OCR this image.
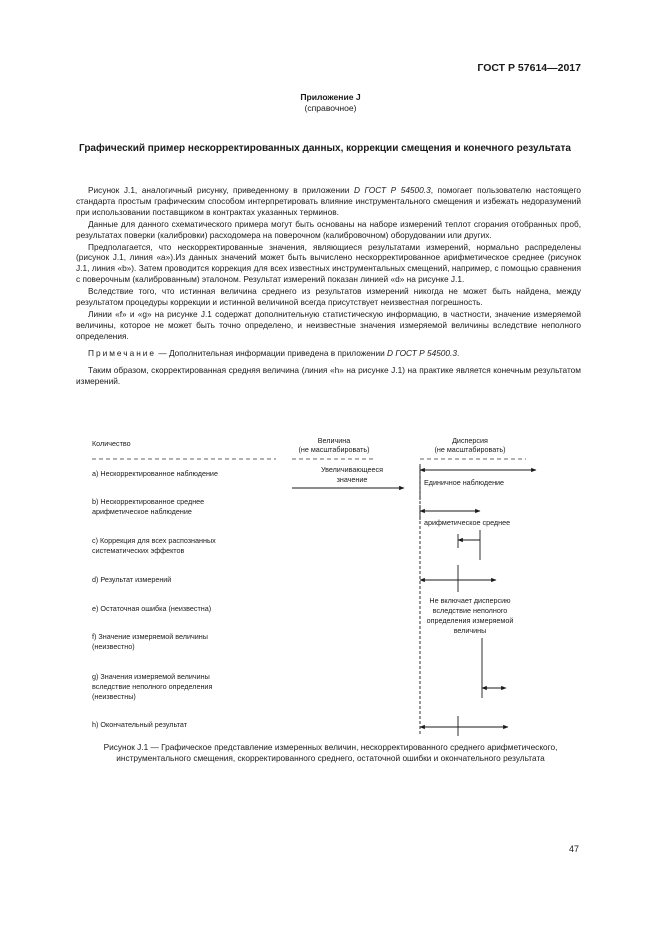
ГОСТ Р 57614—2017
Приложение J
(справочное)
Графический пример нескорректированных данных, коррекции смещения и конечного результата

Рисунок J.1, аналогичный рисунку, приведенному в приложении D ГОСТ Р 54500.3, помогает пользователю настоящего стандарта простым графическим способом интерпретировать влияние инструментального смещения и избежать недоразумений при использовании поставщиком в контрактах указанных терминов.

Данные для данного схематического примера могут быть основаны на наборе измерений теплот сгорания отобранных проб, результатах поверки (калибровки) расходомера на поверочном (калибровочном) оборудовании или других.

Предполагается, что нескорректированные значения, являющиеся результатами измерений, нормально распределены (рисунок J.1, линия «а»).Из данных значений может быть вычислено нескорректированное арифметическое среднее (рисунок J.1, линия «b»). Затем проводится коррекция для всех известных инструментальных смещений, например, с помощью сравнения с поверочным (калиброванным) эталоном. Результат измерений показан линией «d» на рисунке J.1.

Вследствие того, что истинная величина среднего из результатов измерений никогда не может быть найдена, между результатом процедуры коррекции и истинной величиной всегда присутствует неизвестная погрешность.

Линии «f» и «g» на рисунке J.1 содержат дополнительную статистическую информацию, в частности, значение измеряемой величины, которое не может быть точно определено, и неизвестные значения измеряемой величины вследствие неполного определения.

Примечание — Дополнительная информации приведена в приложении D ГОСТ Р 54500.3.

Таким образом, скорректированная средняя величина (линия «h» на рисунке J.1) на практике является конечным результатом измерений.

Количество	Величина
(не масштабировать)
Дисперсия
(не масштабировать)
a) Нескорректированное наблюдение
b) Нескорректированное среднее
арифметическое наблюдение
c) Коррекция для всех распознанных
систематических эффектов
d) Результат измерений
e) Остаточная ошибка (неизвестна)
f) Значение измеряемой величины
(неизвестно)
g) Значения измеряемой величины
вследствие неполного определения
(неизвестны)
h) Окончательный результат
Увеличивающееся
значение	Единичное наблюдение
арифметическое среднее
Не включает дисперсию
вследствие неполного
определения измеряемой
величины
Рисунок J.1 — Графическое представление измеренных величин, нескорректированного среднего арифметического, инструментального смещения, скорректированного среднего, остаточной ошибки и окончательного результата
47
